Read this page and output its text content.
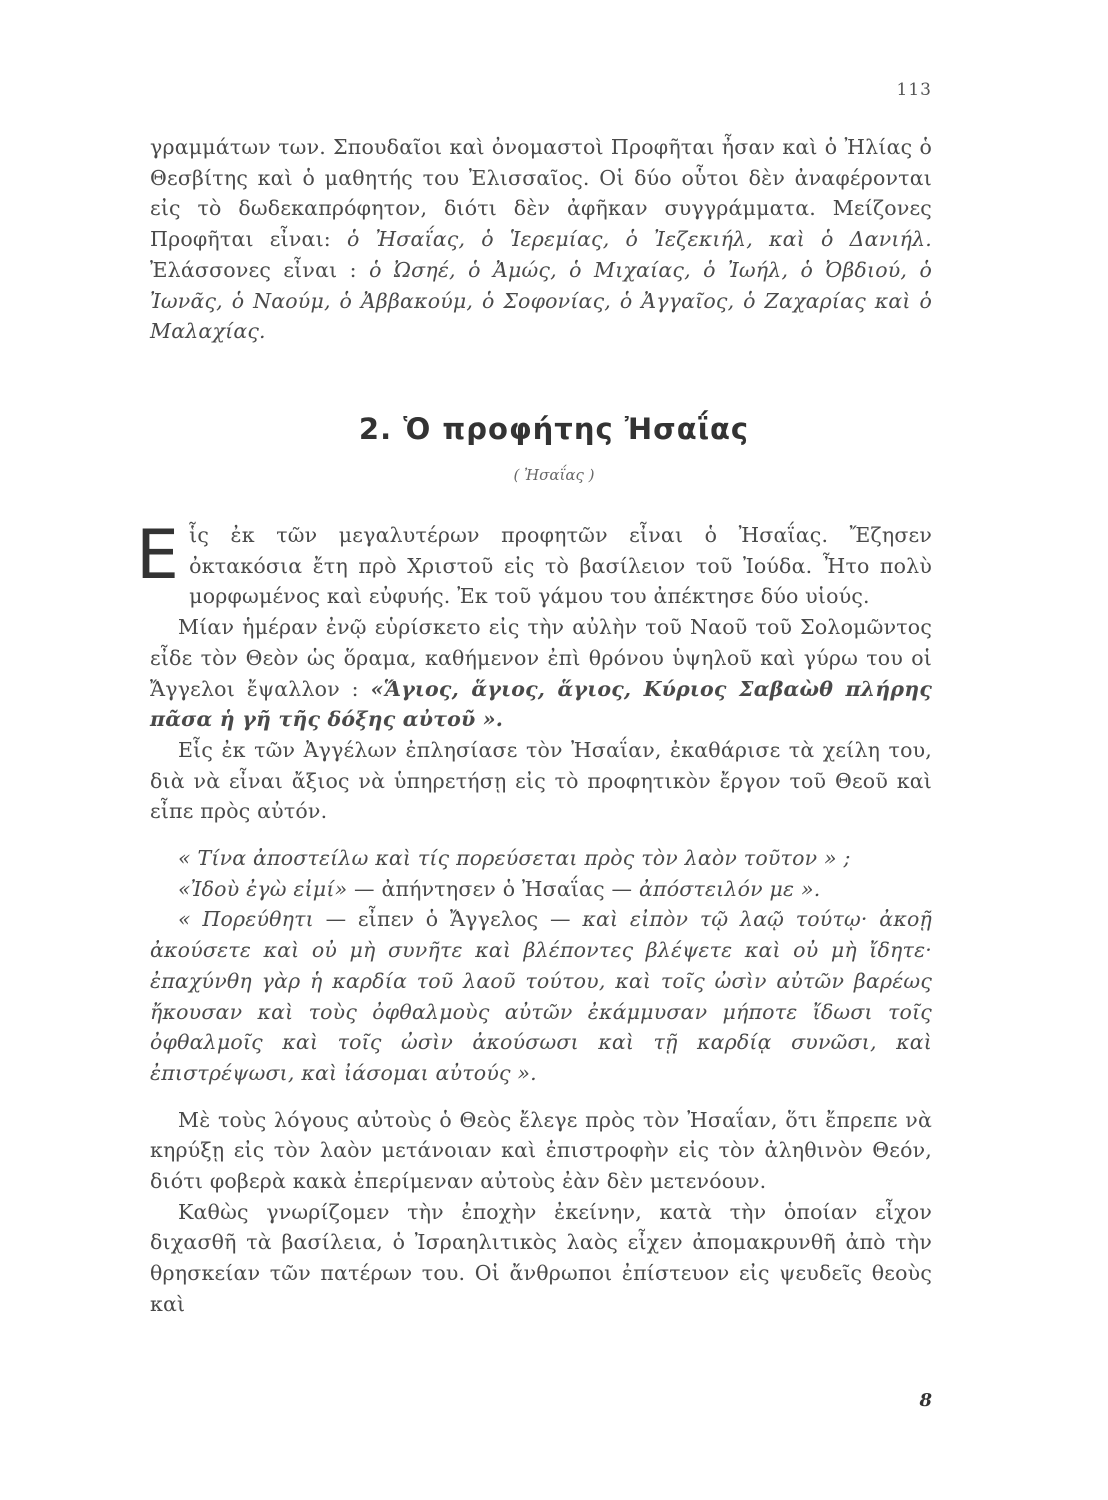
113

γραμμάτων των. Σπουδαῖοι καὶ ὀνομαστοὶ Προφῆται ἦσαν καὶ ὁ Ἠλίας ὁ Θεσβίτης καὶ ὁ μαθητής του Ἐλισσαῖος. Οἱ δύο οὗτοι δὲν ἀναφέρονται εἰς τὸ δωδεκαπρόφητον, διότι δὲν ἀφῆκαν συγγράμματα. Μείζονες Προφῆται εἶναι: ὁ Ἠσαΐας, ὁ Ἱερεμίας, ὁ Ἰεζεκιήλ, καὶ ὁ Δανιήλ. Ἐλάσσονες εἶναι : ὁ Ὠσηέ, ὁ Ἀμώς, ὁ Μιχαίας, ὁ Ἰωήλ, ὁ Ὀβδιού, ὁ Ἰωνᾶς, ὁ Ναούμ, ὁ Ἀββακούμ, ὁ Σοφονίας, ὁ Ἀγγαῖος, ὁ Ζαχαρίας καὶ ὁ Μαλαχίας.

2. Ὁ προφήτης Ἠσαΐας
( Ἠσαΐας )

Εἷς ἐκ τῶν μεγαλυτέρων προφητῶν εἶναι ὁ Ἠσαΐας. Ἔζησεν ὀκτακόσια ἔτη πρὸ Χριστοῦ εἰς τὸ βασίλειον τοῦ Ἰούδα. Ἦτο πολὺ μορφωμένος καὶ εὐφυής. Ἐκ τοῦ γάμου του ἀπέκτησε δύο υἱούς.

Μίαν ἡμέραν ἐνῷ εὑρίσκετο εἰς τὴν αὐλὴν τοῦ Ναοῦ τοῦ Σολομῶντος εἶδε τὸν Θεὸν ὡς ὅραμα, καθήμενον ἐπὶ θρόνου ὑψηλοῦ καὶ γύρω του οἱ Ἄγγελοι ἔψαλλον : «Ἅγιος, ἅγιος, ἅγιος, Κύριος Σαβαὼθ πλήρης πᾶσα ἡ γῆ τῆς δόξης αὐτοῦ ».

Εἷς ἐκ τῶν Ἀγγέλων ἐπλησίασε τὸν Ἠσαΐαν, ἐκαθάρισε τὰ χείλη του, διὰ νὰ εἶναι ἄξιος νὰ ὑπηρετήσῃ εἰς τὸ προφητικὸν ἔργον τοῦ Θεοῦ καὶ εἶπε πρὸς αὐτόν.

« Τίνα ἀποστείλω καὶ τίς πορεύσεται πρὸς τὸν λαὸν τοῦτον » ;

«Ἰδοὺ ἐγὼ εἰμί» — ἀπήντησεν ὁ Ἠσαΐας — ἀπόστειλόν με ».

« Πορεύθητι — εἶπεν ὁ Ἄγγελος — καὶ εἰπὸν τῷ λαῷ τούτῳ· ἀκοῇ ἀκούσετε καὶ οὐ μὴ συνῆτε καὶ βλέποντες βλέψετε καὶ οὐ μὴ ἴδητε· ἐπαχύνθη γὰρ ἡ καρδία τοῦ λαοῦ τούτου, καὶ τοῖς ὠσὶν αὐτῶν βαρέως ἤκουσαν καὶ τοὺς ὀφθαλμοὺς αὐτῶν ἐκάμμυσαν μήποτε ἴδωσι τοῖς ὀφθαλμοῖς καὶ τοῖς ὠσὶν ἀκούσωσι καὶ τῇ καρδίᾳ συνῶσι, καὶ ἐπιστρέψωσι, καὶ ἰάσομαι αὐτούς ».

Μὲ τοὺς λόγους αὐτοὺς ὁ Θεὸς ἔλεγε πρὸς τὸν Ἠσαΐαν, ὅτι ἔπρεπε νὰ κηρύξῃ εἰς τὸν λαὸν μετάνοιαν καὶ ἐπιστροφὴν εἰς τὸν ἀληθινὸν Θεόν, διότι φοβερὰ κακὰ ἐπερίμεναν αὐτοὺς ἐὰν δὲν μετενόουν.

Καθὼς γνωρίζομεν τὴν ἐποχὴν ἐκείνην, κατὰ τὴν ὁποίαν εἶχον διχασθῆ τὰ βασίλεια, ὁ Ἰσραηλιτικὸς λαὸς εἶχεν ἀπομακρυνθῆ ἀπὸ τὴν θρησκείαν τῶν πατέρων του. Οἱ ἄνθρωποι ἐπίστευον εἰς ψευδεῖς θεοὺς καὶ

8
